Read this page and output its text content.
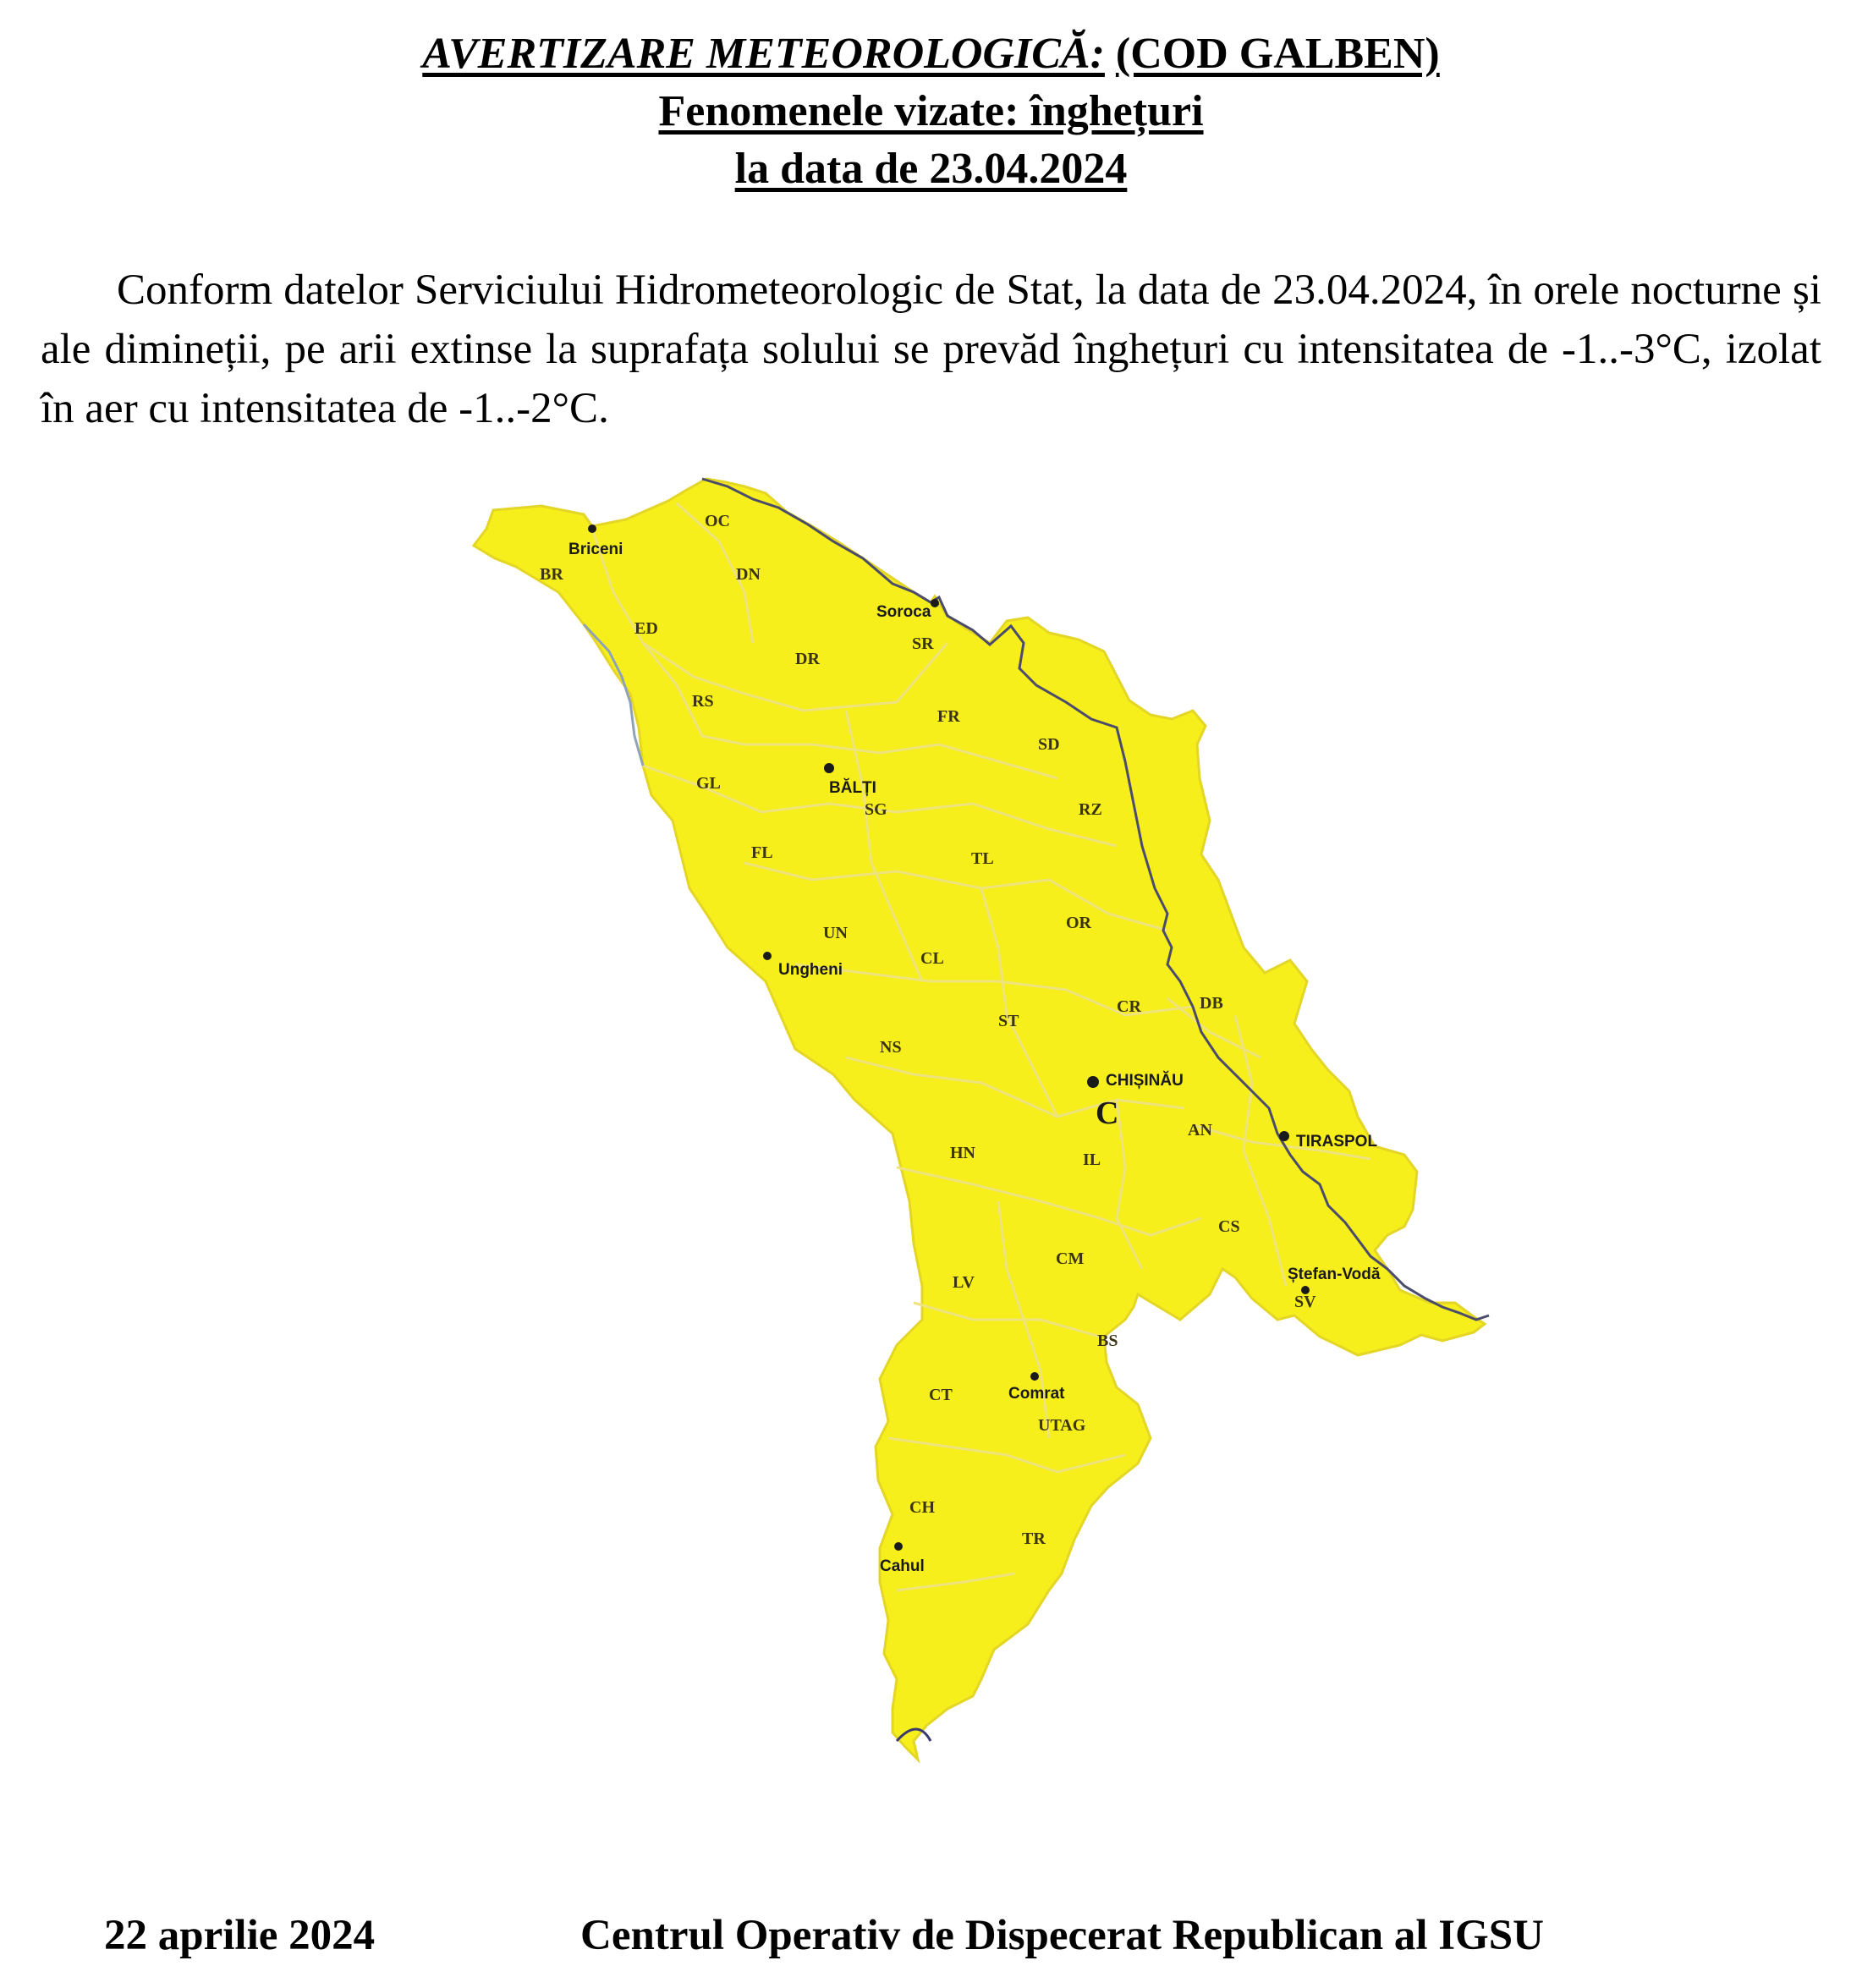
AVERTIZARE METEOROLOGICĂ: (COD GALBEN)
Fenomenele vizate: înghețuri
la data de 23.04.2024
Conform datelor Serviciului Hidrometeorologic de Stat, la data de 23.04.2024, în orele nocturne și ale dimineții, pe arii extinse la suprafața solului se prevăd înghețuri cu intensitatea de -1..-3°C, izolat în aer cu intensitatea de -1..-2°C.
OC
BR	DN
ED
DR
SR
RS
FR
SD
GL
SG	RZ
FL	TL
UN
OR
CL
CR	DB
ST
NS
AN
HN	IL
CS
CM
LV
SV
BS
CT
UTAG
CH
TR
Briceni
Soroca
BĂLȚI
Ungheni
CHIȘINĂU
C
TIRASPOL
Ștefan-Vodă
Comrat
Cahul
22 aprilie 2024	Centrul Operativ de Dispecerat Republican al IGSU
